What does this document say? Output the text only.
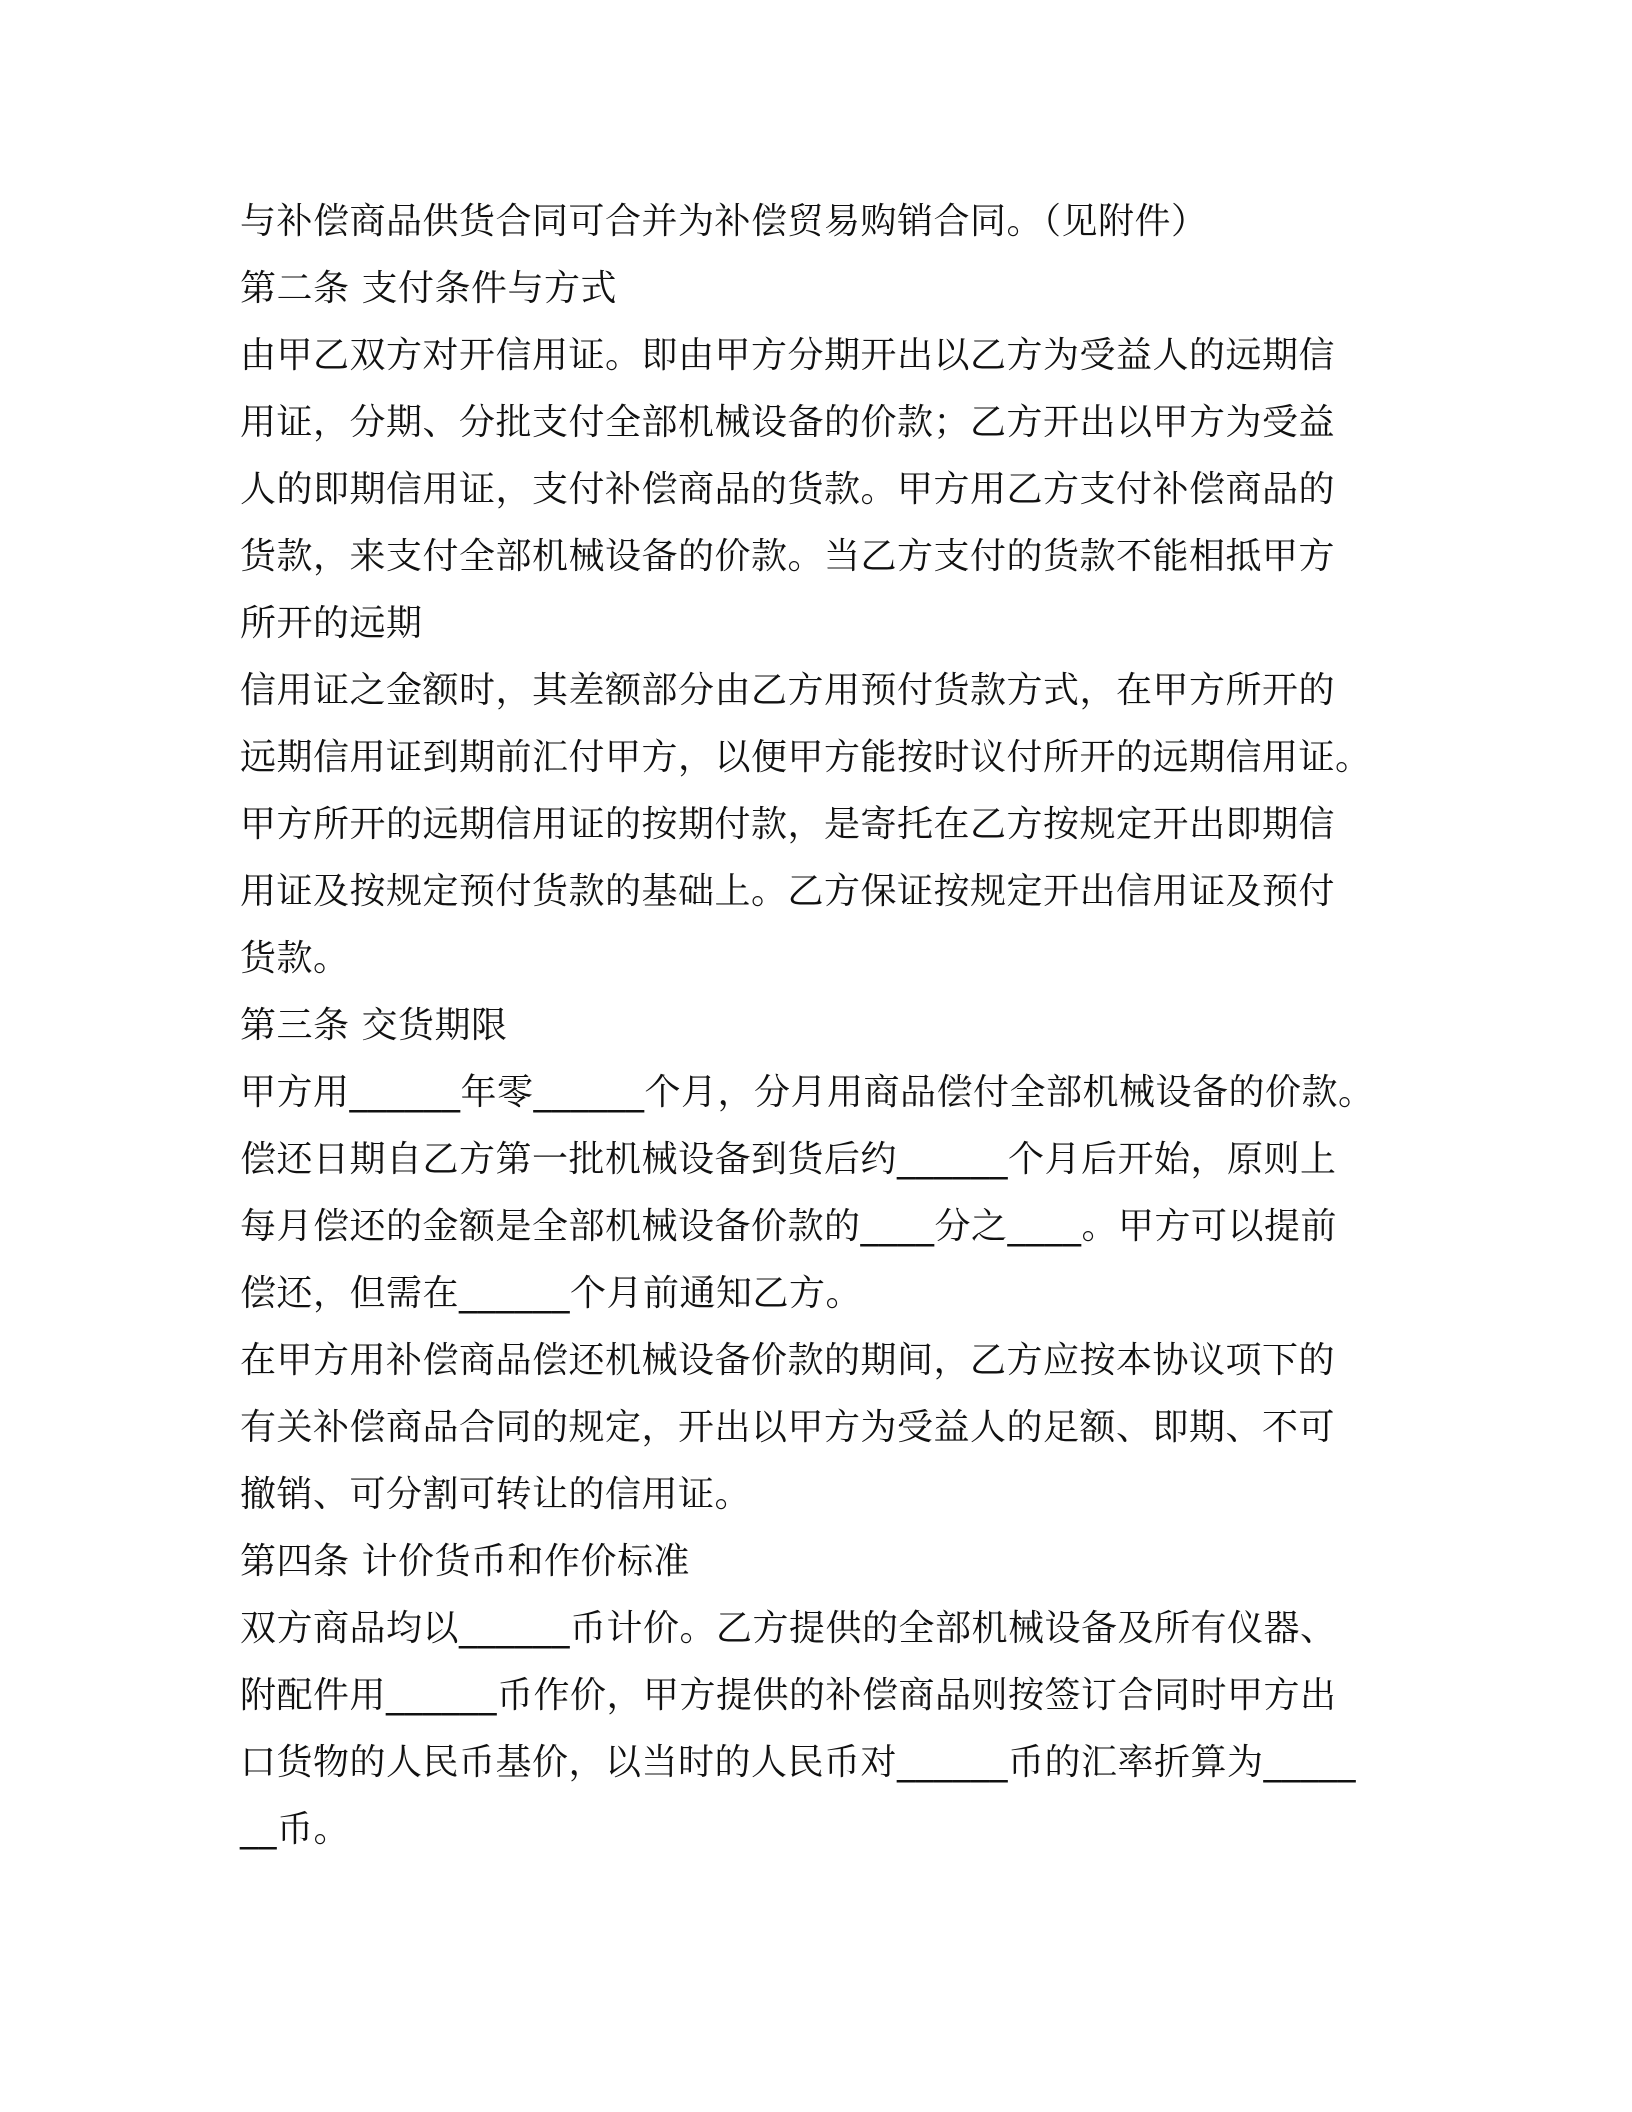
与补偿商品供货合同可合并为补偿贸易购销合同。（见附件）
第二条 支付条件与方式
由甲乙双方对开信用证。即由甲方分期开出以乙方为受益人的远期信
用证，分期、分批支付全部机械设备的价款；乙方开出以甲方为受益
人的即期信用证，支付补偿商品的货款。甲方用乙方支付补偿商品的
货款，来支付全部机械设备的价款。当乙方支付的货款不能相抵甲方
所开的远期
信用证之金额时，其差额部分由乙方用预付货款方式，在甲方所开的
远期信用证到期前汇付甲方，以便甲方能按时议付所开的远期信用证。
甲方所开的远期信用证的按期付款，是寄托在乙方按规定开出即期信
用证及按规定预付货款的基础上。乙方保证按规定开出信用证及预付
货款。
第三条 交货期限
甲方用______年零______个月，分月用商品偿付全部机械设备的价款。
偿还日期自乙方第一批机械设备到货后约______个月后开始，原则上
每月偿还的金额是全部机械设备价款的____分之____。甲方可以提前
偿还，但需在______个月前通知乙方。
在甲方用补偿商品偿还机械设备价款的期间，乙方应按本协议项下的
有关补偿商品合同的规定，开出以甲方为受益人的足额、即期、不可
撤销、可分割可转让的信用证。
第四条 计价货币和作价标准
双方商品均以______币计价。乙方提供的全部机械设备及所有仪器、
附配件用______币作价，甲方提供的补偿商品则按签订合同时甲方出
口货物的人民币基价，以当时的人民币对______币的汇率折算为_____
__币。
